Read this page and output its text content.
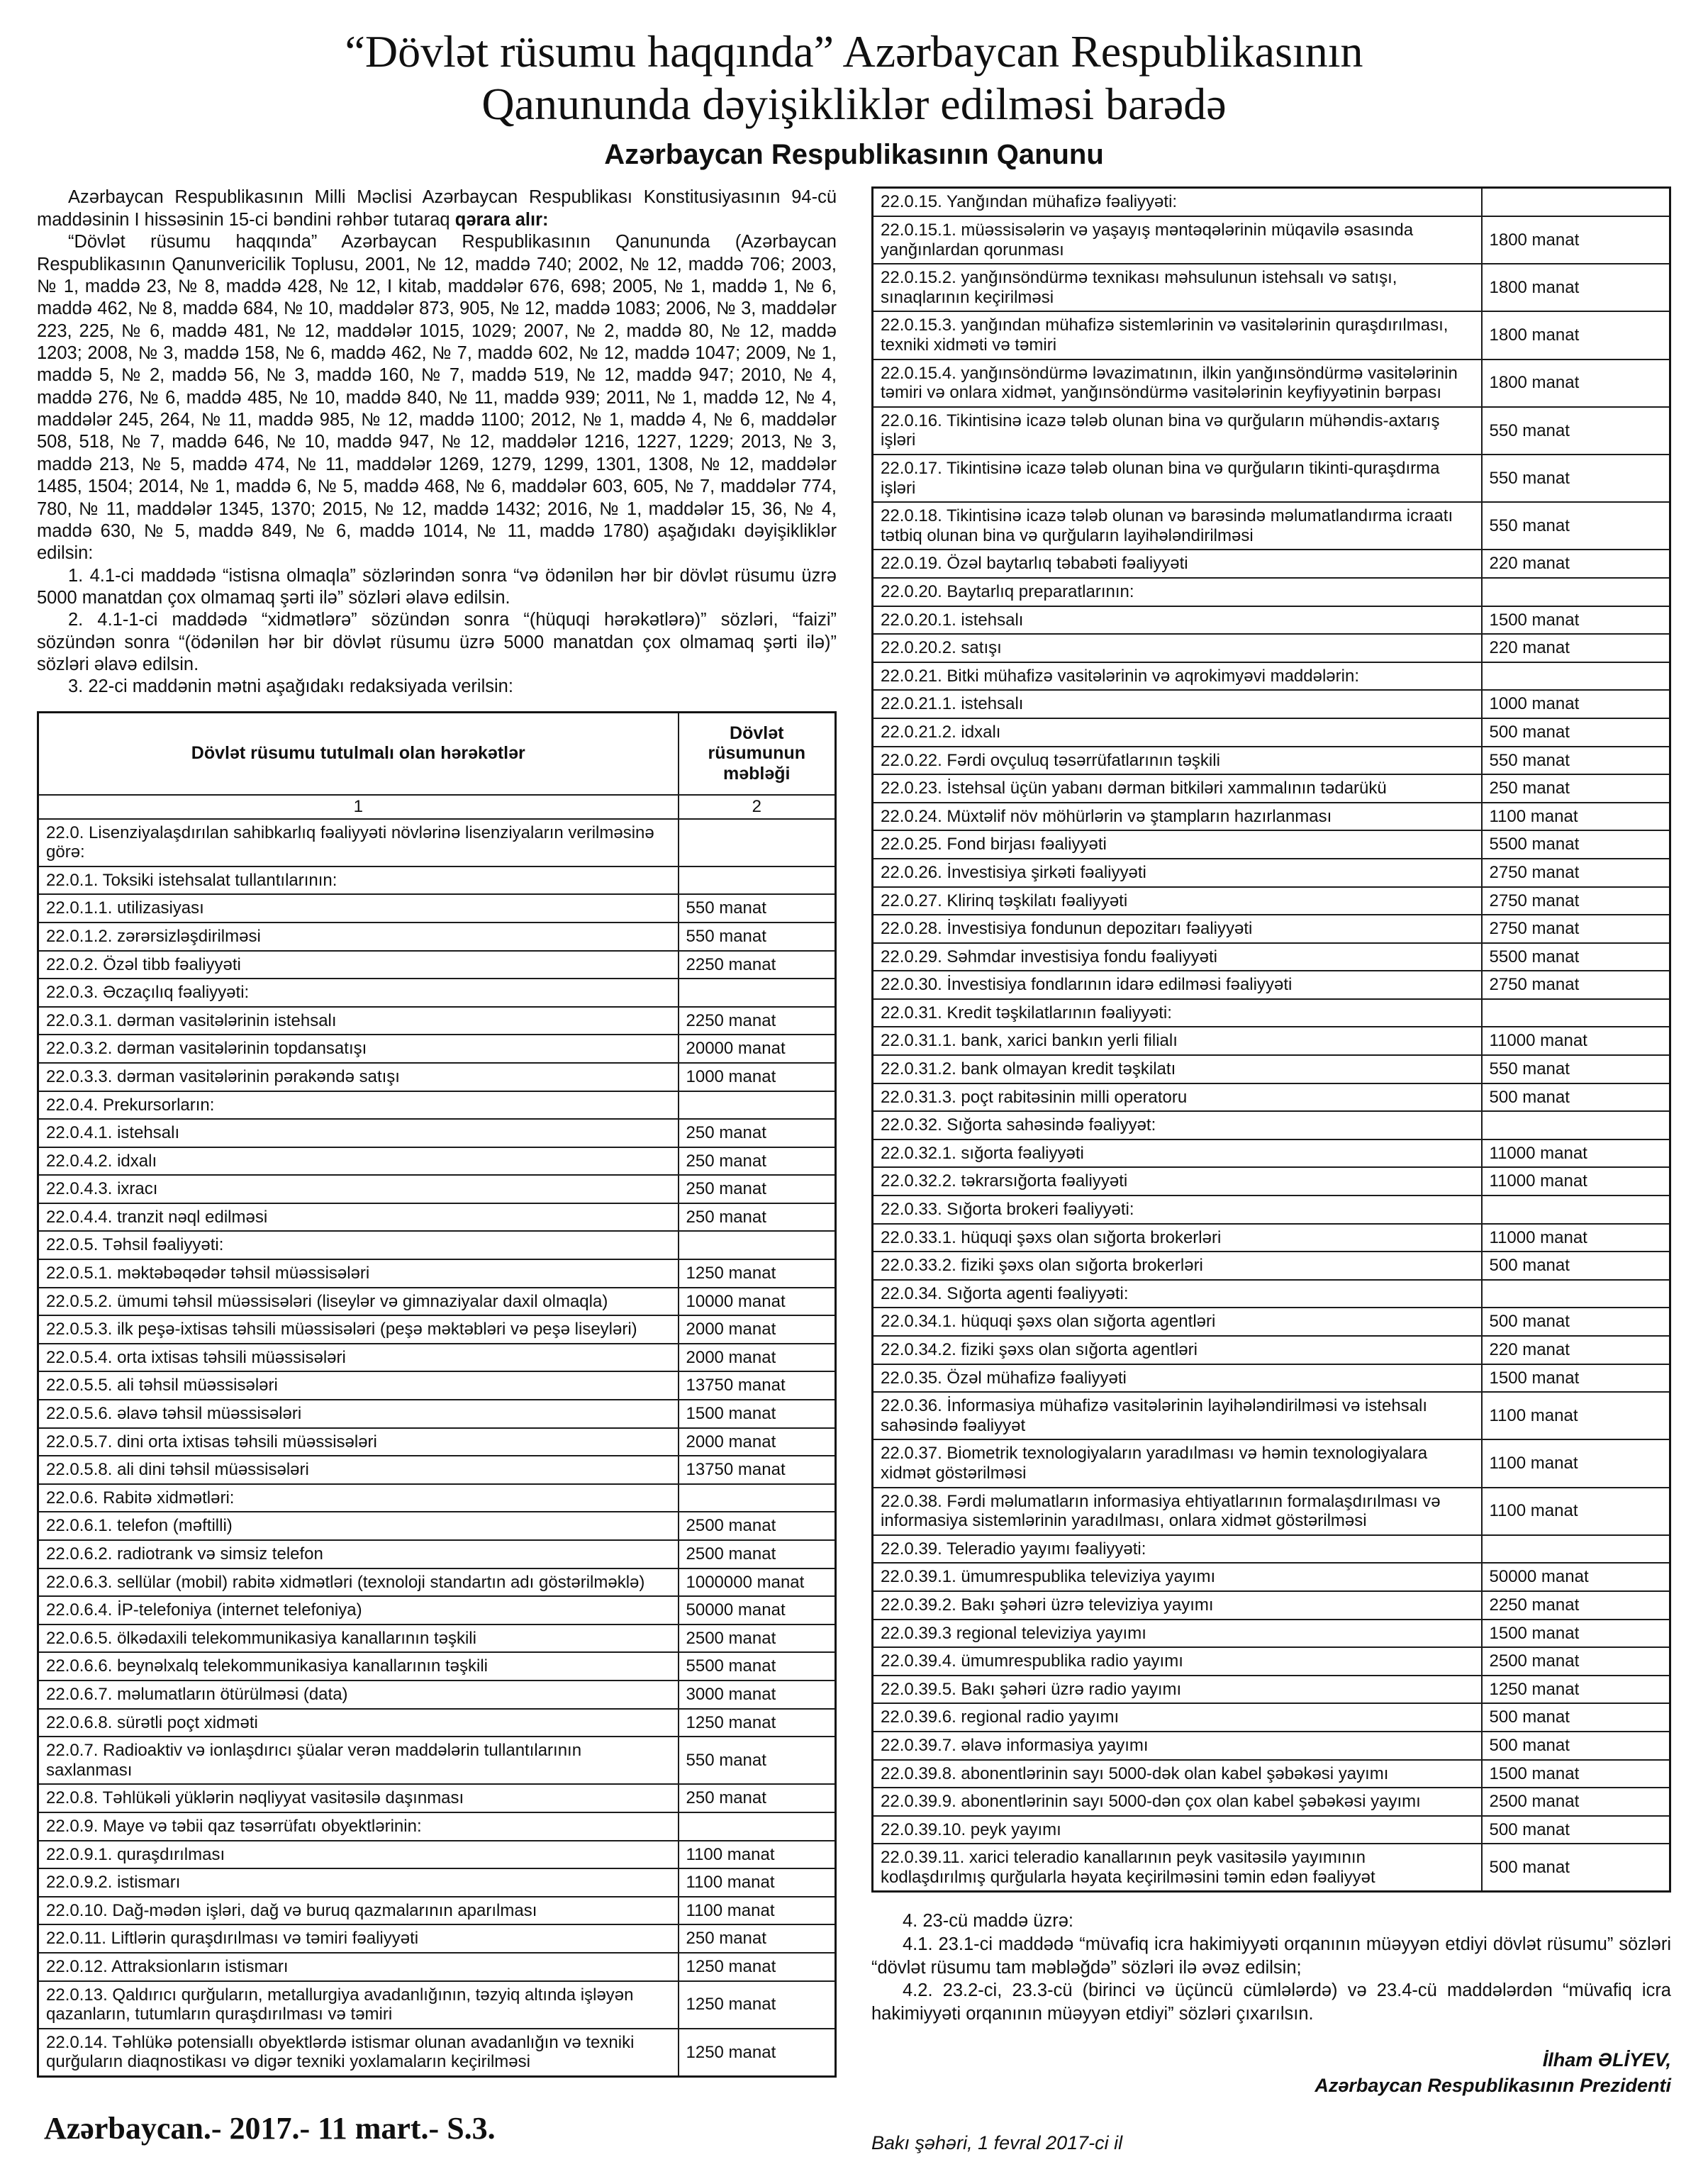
“Dövlət rüsumu haqqında” Azərbaycan Respublikasının
Qanununda dəyişikliklər edilməsi barədə
Azərbaycan Respublikasının Qanunu

Azərbaycan Respublikasının Milli Məclisi Azərbaycan Respublikası Konstitusiyasının 94-cü maddəsinin I hissəsinin 15-ci bəndini rəhbər tutaraq qərara alır:

“Dövlət rüsumu haqqında” Azərbaycan Respublikasının Qanununda (Azərbaycan Respublikasının Qanunvericilik Toplusu, 2001, № 12, maddə 740; 2002, № 12, maddə 706; 2003, № 1, maddə 23, № 8, maddə 428, № 12, I kitab, maddələr 676, 698; 2005, № 1, maddə 1, № 6, maddə 462, № 8, maddə 684, № 10, maddələr 873, 905, № 12, maddə 1083; 2006, № 3, maddələr 223, 225, № 6, maddə 481, № 12, maddələr 1015, 1029; 2007, № 2, maddə 80, № 12, maddə 1203; 2008, № 3, maddə 158, № 6, maddə 462, № 7, maddə 602, № 12, maddə 1047; 2009, № 1, maddə 5, № 2, maddə 56, № 3, maddə 160, № 7, maddə 519, № 12, maddə 947; 2010, № 4, maddə 276, № 6, maddə 485, № 10, maddə 840, № 11, maddə 939; 2011, № 1, maddə 12, № 4, maddələr 245, 264, № 11, maddə 985, № 12, maddə 1100; 2012, № 1, maddə 4, № 6, maddələr 508, 518, № 7, maddə 646, № 10, maddə 947, № 12, maddələr 1216, 1227, 1229; 2013, № 3, maddə 213, № 5, maddə 474, № 11, maddələr 1269, 1279, 1299, 1301, 1308, № 12, maddələr 1485, 1504; 2014, № 1, maddə 6, № 5, maddə 468, № 6, maddələr 603, 605, № 7, maddələr 774, 780, № 11, maddələr 1345, 1370; 2015, № 12, maddə 1432; 2016, № 1, maddələr 15, 36, № 4, maddə 630, № 5, maddə 849, № 6, maddə 1014, № 11, maddə 1780) aşağıdakı dəyişikliklər edilsin:

1. 4.1-ci maddədə “istisna olmaqla” sözlərindən sonra “və ödənilən hər bir dövlət rüsumu üzrə 5000 manatdan çox olmamaq şərti ilə” sözləri əlavə edilsin.

2. 4.1-1-ci maddədə “xidmətlərə” sözündən sonra “(hüquqi hərəkətlərə)” sözləri, “faizi” sözündən sonra “(ödənilən hər bir dövlət rüsumu üzrə 5000 manatdan çox olmamaq şərti ilə)” sözləri əlavə edilsin.

3. 22-ci maddənin mətni aşağıdakı redaksiyada verilsin:

Dövlət rüsumu tutulmalı olan hərəkətlər	Dövlət rüsumunun məbləği
1	2
22.0. Lisenziyalaşdırılan sahibkarlıq fəaliyyəti növlərinə lisenziyaların verilməsinə görə:	
22.0.1. Toksiki istehsalat tullantılarının:	
22.0.1.1. utilizasiyası	550 manat
22.0.1.2. zərərsizləşdirilməsi	550 manat
22.0.2. Özəl tibb fəaliyyəti	2250 manat
22.0.3. Əczaçılıq fəaliyyəti:	
22.0.3.1. dərman vasitələrinin istehsalı	2250 manat
22.0.3.2. dərman vasitələrinin topdansatışı	20000 manat
22.0.3.3. dərman vasitələrinin pərakəndə satışı	1000 manat
22.0.4. Prekursorların:	
22.0.4.1. istehsalı	250 manat
22.0.4.2. idxalı	250 manat
22.0.4.3. ixracı	250 manat
22.0.4.4. tranzit nəql edilməsi	250 manat
22.0.5. Təhsil fəaliyyəti:	
22.0.5.1. məktəbəqədər təhsil müəssisələri	1250 manat
22.0.5.2. ümumi təhsil müəssisələri (liseylər və gimnaziyalar daxil olmaqla)	10000 manat
22.0.5.3. ilk peşə-ixtisas təhsili müəssisələri (peşə məktəbləri və peşə liseyləri)	2000 manat
22.0.5.4. orta ixtisas təhsili müəssisələri	2000 manat
22.0.5.5. ali təhsil müəssisələri	13750 manat
22.0.5.6. əlavə təhsil müəssisələri	1500 manat
22.0.5.7. dini orta ixtisas təhsili müəssisələri	2000 manat
22.0.5.8. ali dini təhsil müəssisələri	13750 manat
22.0.6. Rabitə xidmətləri:	
22.0.6.1. telefon (məftilli)	2500 manat
22.0.6.2. radiotrank və simsiz telefon	2500 manat
22.0.6.3. sellülar (mobil) rabitə xidmətləri (texnoloji standartın adı göstərilməklə)	1000000 manat
22.0.6.4. İP-telefoniya (internet telefoniya)	50000 manat
22.0.6.5. ölkədaxili telekommunikasiya kanallarının təşkili	2500 manat
22.0.6.6. beynəlxalq telekommunikasiya kanallarının təşkili	5500 manat
22.0.6.7. məlumatların ötürülməsi (data)	3000 manat
22.0.6.8. sürətli poçt xidməti	1250 manat
22.0.7. Radioaktiv və ionlaşdırıcı şüalar verən maddələrin tullantılarının saxlanması	550 manat
22.0.8. Təhlükəli yüklərin nəqliyyat vasitəsilə daşınması	250 manat
22.0.9. Maye və təbii qaz təsərrüfatı obyektlərinin:	
22.0.9.1. quraşdırılması	1100 manat
22.0.9.2. istismarı	1100 manat
22.0.10. Dağ-mədən işləri, dağ və buruq qazmalarının aparılması	1100 manat
22.0.11. Liftlərin quraşdırılması və təmiri fəaliyyəti	250 manat
22.0.12. Attraksionların istismarı	1250 manat
22.0.13. Qaldırıcı qurğuların, metallurgiya avadanlığının, təzyiq altında işləyən qazanların, tutumların quraşdırılması və təmiri	1250 manat
22.0.14. Təhlükə potensiallı obyektlərdə istismar olunan avadanlığın və texniki qurğuların diaqnostikası və digər texniki yoxlamaların keçirilməsi	1250 manat
22.0.15. Yanğından mühafizə fəaliyyəti:	
22.0.15.1. müəssisələrin və yaşayış məntəqələrinin müqavilə əsasında yanğınlardan qorunması	1800 manat
22.0.15.2. yanğınsöndürmə texnikası məhsulunun istehsalı və satışı, sınaqlarının keçirilməsi	1800 manat
22.0.15.3. yanğından mühafizə sistemlərinin və vasitələrinin quraşdırılması, texniki xidməti və təmiri	1800 manat
22.0.15.4. yanğınsöndürmə ləvazimatının, ilkin yanğınsöndürmə vasitələrinin təmiri və onlara xidmət, yanğınsöndürmə vasitələrinin keyfiyyətinin bərpası	1800 manat
22.0.16. Tikintisinə icazə tələb olunan bina və qurğuların mühəndis-axtarış işləri	550 manat
22.0.17. Tikintisinə icazə tələb olunan bina və qurğuların tikinti-quraşdırma işləri	550 manat
22.0.18. Tikintisinə icazə tələb olunan və barəsində məlumatlandırma icraatı tətbiq olunan bina və qurğuların layihələndirilməsi	550 manat
22.0.19. Özəl baytarlıq təbabəti fəaliyyəti	220 manat
22.0.20. Baytarlıq preparatlarının:	
22.0.20.1. istehsalı	1500 manat
22.0.20.2. satışı	220 manat
22.0.21. Bitki mühafizə vasitələrinin və aqrokimyəvi maddələrin:	
22.0.21.1. istehsalı	1000 manat
22.0.21.2. idxalı	500 manat
22.0.22. Fərdi ovçuluq təsərrüfatlarının təşkili	550 manat
22.0.23. İstehsal üçün yabanı dərman bitkiləri xammalının tədarükü	250 manat
22.0.24. Müxtəlif növ möhürlərin və ştampların hazırlanması	1100 manat
22.0.25. Fond birjası fəaliyyəti	5500 manat
22.0.26. İnvestisiya şirkəti fəaliyyəti	2750 manat
22.0.27. Klirinq təşkilatı fəaliyyəti	2750 manat
22.0.28. İnvestisiya fondunun depozitarı fəaliyyəti	2750 manat
22.0.29. Səhmdar investisiya fondu fəaliyyəti	5500 manat
22.0.30. İnvestisiya fondlarının idarə edilməsi fəaliyyəti	2750 manat
22.0.31. Kredit təşkilatlarının fəaliyyəti:	
22.0.31.1. bank, xarici bankın yerli filialı	11000 manat
22.0.31.2. bank olmayan kredit təşkilatı	550 manat
22.0.31.3. poçt rabitəsinin milli operatoru	500 manat
22.0.32. Sığorta sahəsində fəaliyyət:	
22.0.32.1. sığorta fəaliyyəti	11000 manat
22.0.32.2. təkrarsığorta fəaliyyəti	11000 manat
22.0.33. Sığorta brokeri fəaliyyəti:	
22.0.33.1. hüquqi şəxs olan sığorta brokerləri	11000 manat
22.0.33.2. fiziki şəxs olan sığorta brokerləri	500 manat
22.0.34. Sığorta agenti fəaliyyəti:	
22.0.34.1. hüquqi şəxs olan sığorta agentləri	500 manat
22.0.34.2. fiziki şəxs olan sığorta agentləri	220 manat
22.0.35. Özəl mühafizə fəaliyyəti	1500 manat
22.0.36. İnformasiya mühafizə vasitələrinin layihələndirilməsi və istehsalı sahəsində fəaliyyət	1100 manat
22.0.37. Biometrik texnologiyaların yaradılması və həmin texnologiyalara xidmət göstərilməsi	1100 manat
22.0.38. Fərdi məlumatların informasiya ehtiyatlarının formalaşdırılması və informasiya sistemlərinin yaradılması, onlara xidmət göstərilməsi	1100 manat
22.0.39. Teleradio yayımı fəaliyyəti:	
22.0.39.1. ümumrespublika televiziya yayımı	50000 manat
22.0.39.2. Bakı şəhəri üzrə televiziya yayımı	2250 manat
22.0.39.3 regional televiziya yayımı	1500 manat
22.0.39.4. ümumrespublika radio yayımı	2500 manat
22.0.39.5. Bakı şəhəri üzrə radio yayımı	1250 manat
22.0.39.6. regional radio yayımı	500 manat
22.0.39.7. əlavə informasiya yayımı	500 manat
22.0.39.8. abonentlərinin sayı 5000-dək olan kabel şəbəkəsi yayımı	1500 manat
22.0.39.9. abonentlərinin sayı 5000-dən çox olan kabel şəbəkəsi yayımı	2500 manat
22.0.39.10. peyk yayımı	500 manat
22.0.39.11. xarici teleradio kanallarının peyk vasitəsilə yayımının kodlaşdırılmış qurğularla həyata keçirilməsini təmin edən fəaliyyət	500 manat

4. 23-cü maddə üzrə:

4.1. 23.1-ci maddədə “müvafiq icra hakimiyyəti orqanının müəyyən etdiyi dövlət rüsumu” sözləri “dövlət rüsumu tam məbləğdə” sözləri ilə əvəz edilsin;

4.2. 23.2-ci, 23.3-cü (birinci və üçüncü cümlələrdə) və 23.4-cü maddələrdən “müvafiq icra hakimiyyəti orqanının müəyyən etdiyi” sözləri çıxarılsın.

İlham ƏLİYEV,
Azərbaycan Respublikasının Prezidenti
Bakı şəhəri, 1 fevral 2017-ci il
Azərbaycan.- 2017.- 11 mart.- S.3.
